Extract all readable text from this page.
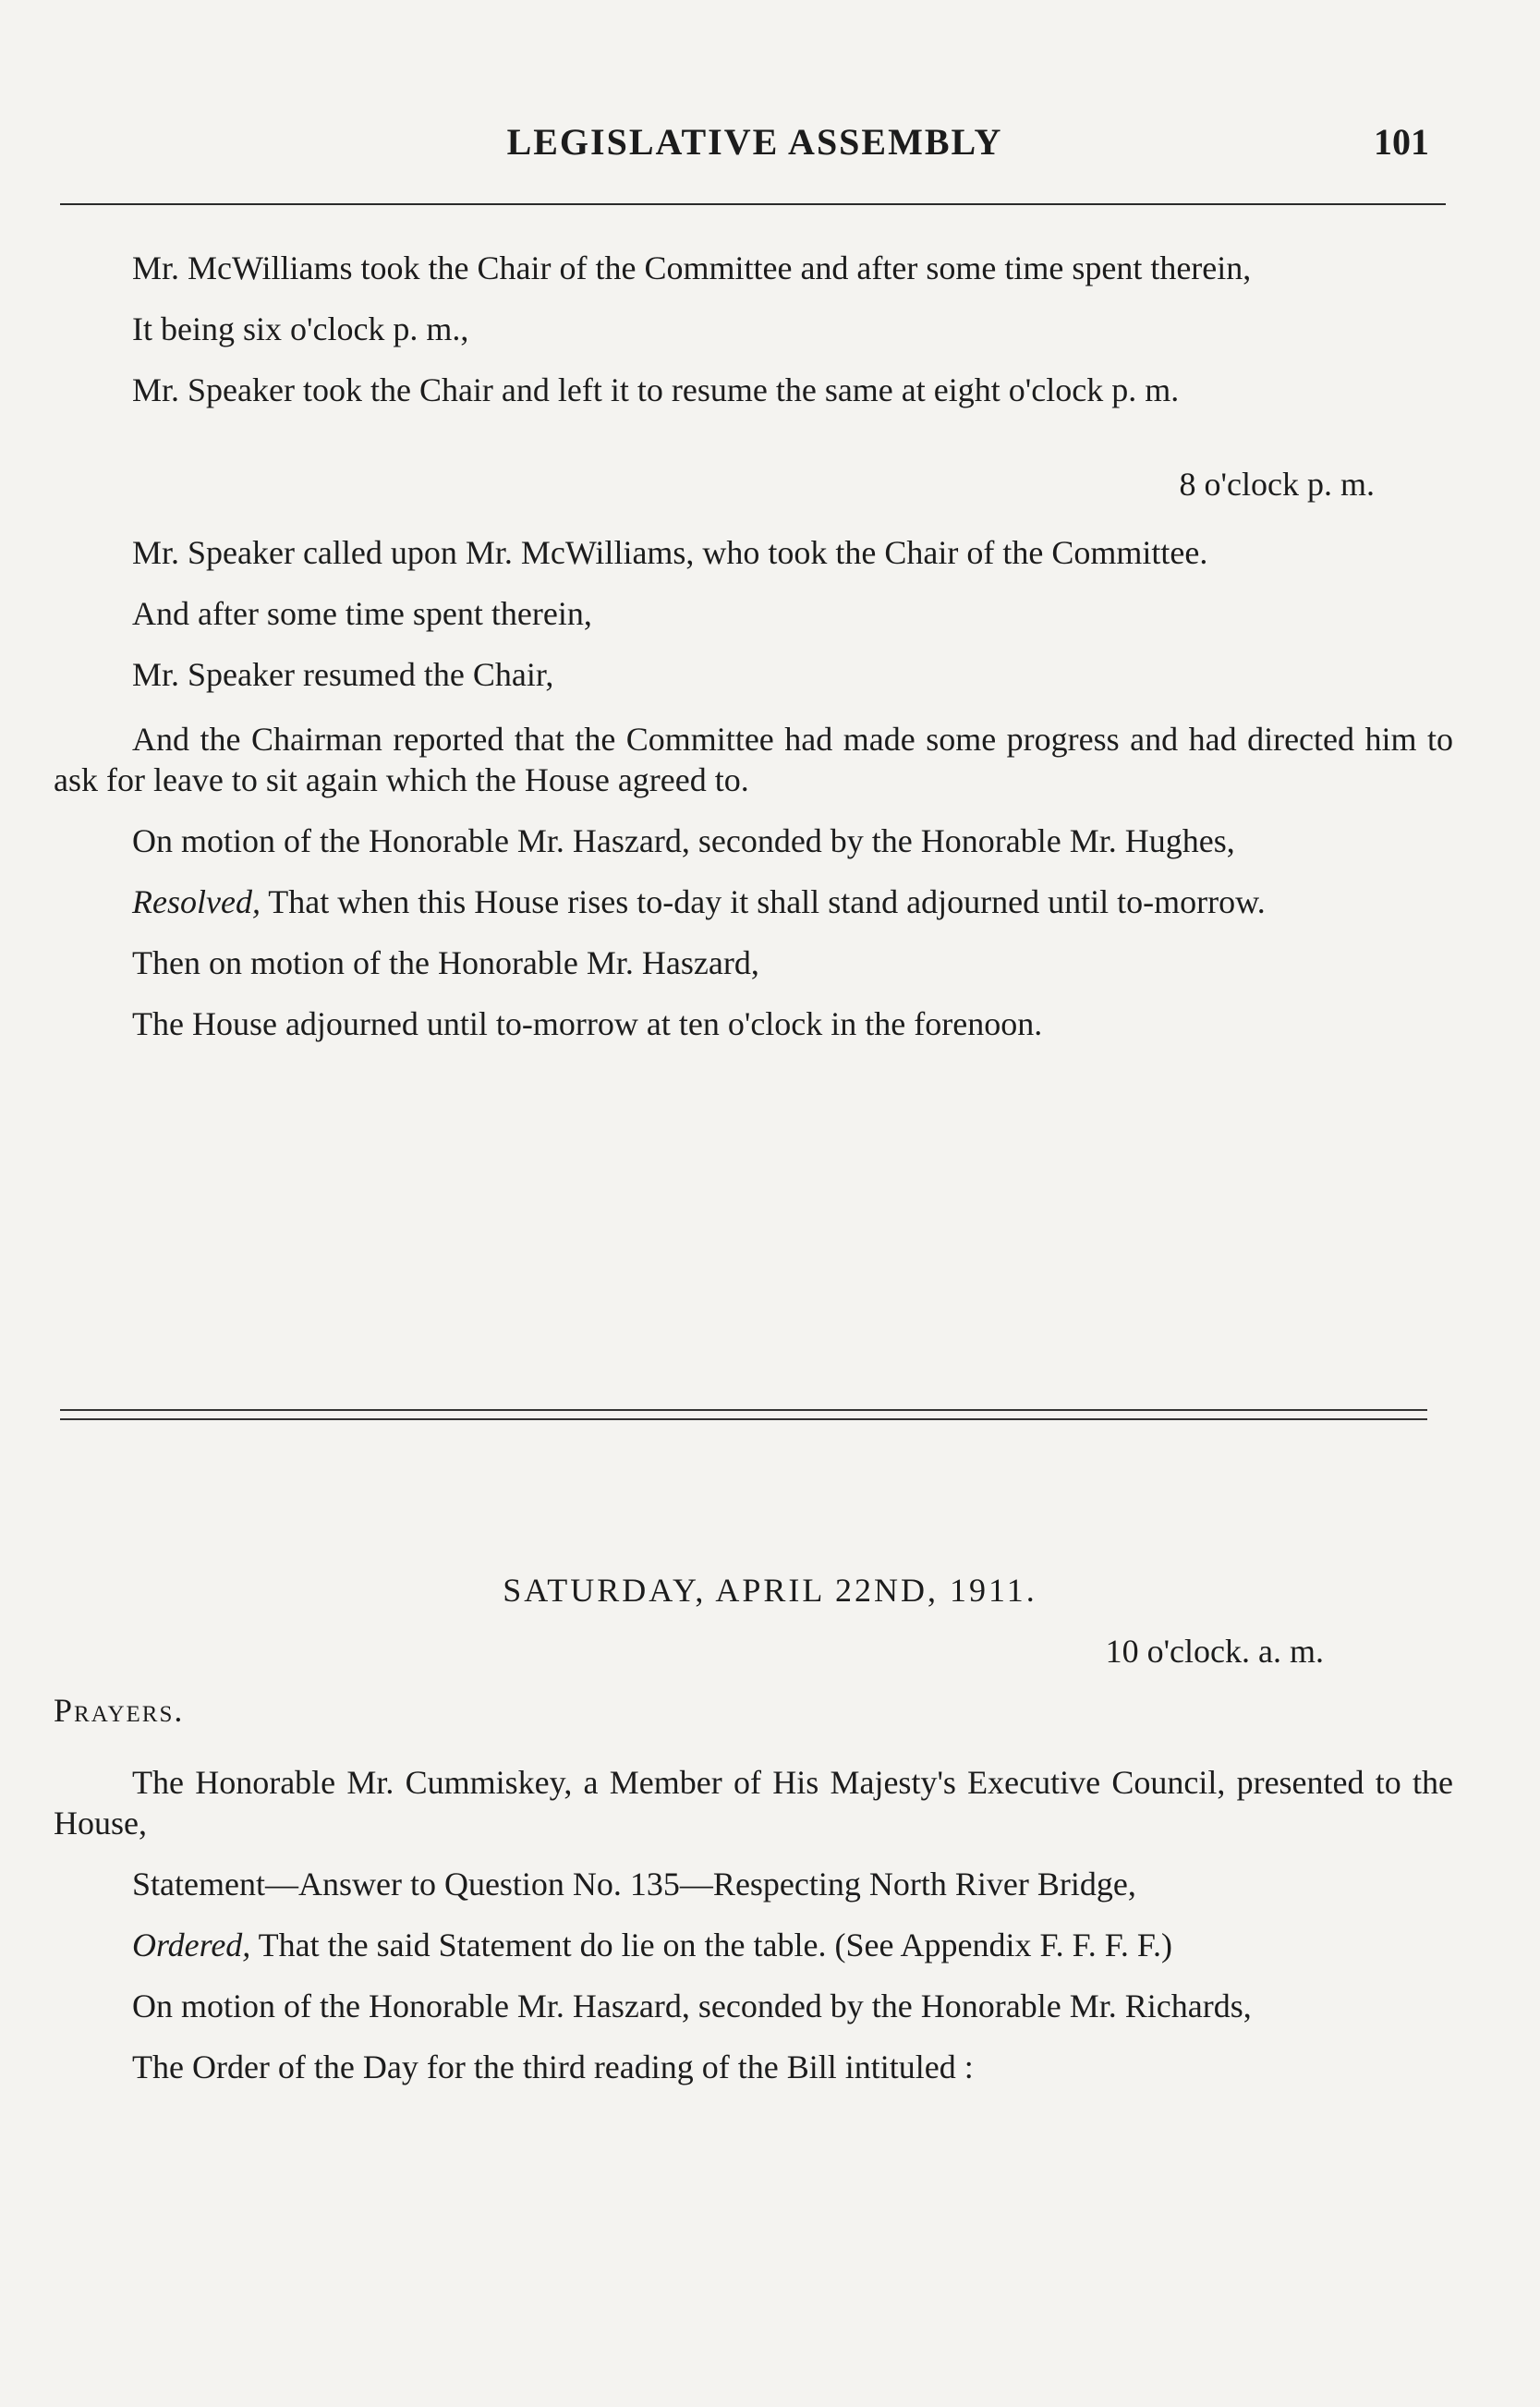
LEGISLATIVE ASSEMBLY	101

Mr. McWilliams took the Chair of the Committee and after some time spent therein,

It being six o'clock p. m.,

Mr. Speaker took the Chair and left it to resume the same at eight o'clock p. m.

8 o'clock p. m.

Mr. Speaker called upon Mr. McWilliams, who took the Chair of the Committee.

And after some time spent therein,

Mr. Speaker resumed the Chair,

And the Chairman reported that the Committee had made some progress and had directed him to ask for leave to sit again which the House agreed to.

On motion of the Honorable Mr. Haszard, seconded by the Honorable Mr. Hughes,

Resolved, That when this House rises to-day it shall stand adjourned until to-morrow.

Then on motion of the Honorable Mr. Haszard,

The House adjourned until to-morrow at ten o'clock in the forenoon.

SATURDAY, APRIL 22ND, 1911.

10 o'clock. a. m.

Prayers.

The Honorable Mr. Cummiskey, a Member of His Majesty's Executive Council, presented to the House,

Statement—Answer to Question No. 135—Respecting North River Bridge,

Ordered, That the said Statement do lie on the table. (See Appendix F. F. F. F.)

On motion of the Honorable Mr. Haszard, seconded by the Honorable Mr. Richards,

The Order of the Day for the third reading of the Bill intituled :
